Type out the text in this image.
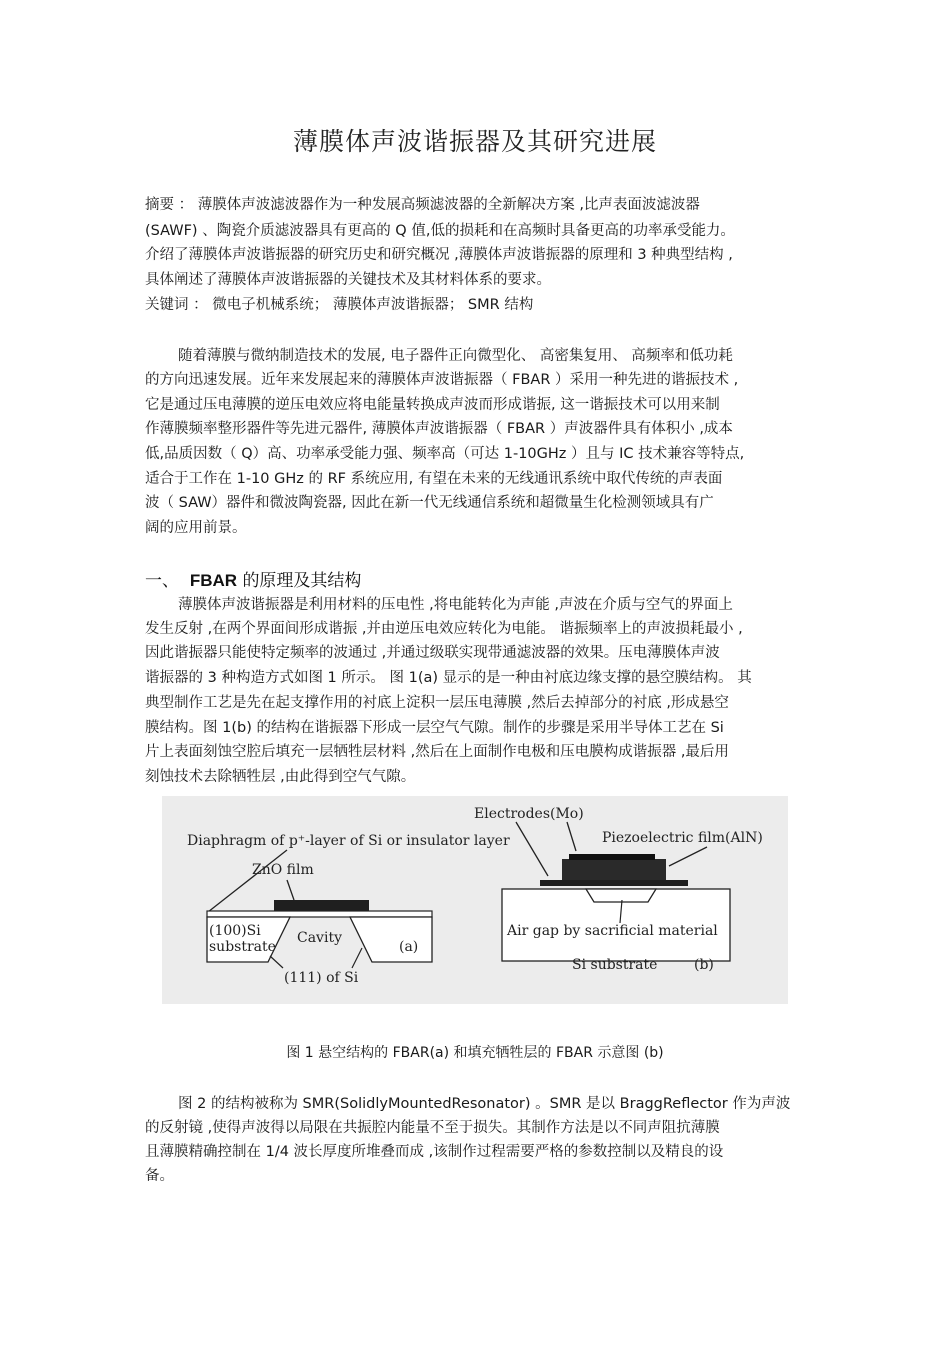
薄膜体声波谐振器及其研究进展
摘要 ： 薄膜体声波滤波器作为一种发展高频滤波器的全新解决方案 ,比声表面波滤波器
(SAWF) 、陶瓷介质滤波器具有更高的 Q 值,低的损耗和在高频时具备更高的功率承受能力。
介绍了薄膜体声波谐振器的研究历史和研究概况 ,薄膜体声波谐振器的原理和 3 种典型结构 ,
具体阐述了薄膜体声波谐振器的关键技术及其材料体系的要求。
关键词 ： 微电子机械系统； 薄膜体声波谐振器； SMR 结构
随着薄膜与微纳制造技术的发展, 电子器件正向微型化、 高密集复用、 高频率和低功耗
的方向迅速发展。近年来发展起来的薄膜体声波谐振器（ FBAR ）采用一种先进的谐振技术 ,
它是通过压电薄膜的逆压电效应将电能量转换成声波而形成谐振, 这一谐振技术可以用来制
作薄膜频率整形器件等先进元器件, 薄膜体声波谐振器（ FBAR ）声波器件具有体积小 ,成本
低,品质因数（ Q）高、功率承受能力强、频率高（可达 1-10GHz ）且与 IC 技术兼容等特点,
适合于工作在 1-10 GHz 的 RF 系统应用, 有望在未来的无线通讯系统中取代传统的声表面
波（ SAW）器件和微波陶瓷器, 因此在新一代无线通信系统和超微量生化检测领域具有广
阔的应用前景。
一、 FBAR 的原理及其结构
薄膜体声波谐振器是利用材料的压电性 ,将电能转化为声能 ,声波在介质与空气的界面上
发生反射 ,在两个界面间形成谐振 ,并由逆压电效应转化为电能。 谐振频率上的声波损耗最小 ,
因此谐振器只能使特定频率的波通过 ,并通过级联实现带通滤波器的效果。压电薄膜体声波
谐振器的 3 种构造方式如图 1 所示。 图 1(a) 显示的是一种由衬底边缘支撑的悬空膜结构。 其
典型制作工艺是先在起支撑作用的衬底上淀积一层压电薄膜 ,然后去掉部分的衬底 ,形成悬空
膜结构。图 1(b) 的结构在谐振器下形成一层空气气隙。制作的步骤是采用半导体工艺在 Si
片上表面刻蚀空腔后填充一层牺牲层材料 ,然后在上面制作电极和压电膜构成谐振器 ,最后用
刻蚀技术去除牺牲层 ,由此得到空气气隙。
Diaphragm of p⁺-layer of Si or insulator layer
ZnO film
(100)Si
substrate
Cavity
(a)
(111) of Si
Electrodes(Mo)
Piezoelectric film(AlN)
Air gap by sacrificial material
Si substrate	(b)
图 1 悬空结构的 FBAR(a) 和填充牺牲层的 FBAR 示意图 (b)
图 2 的结构被称为 SMR(SolidlyMountedResonator) 。SMR 是以 BraggReflector 作为声波
的反射镜 ,使得声波得以局限在共振腔内能量不至于损失。其制作方法是以不同声阻抗薄膜
且薄膜精确控制在 1/4 波长厚度所堆叠而成 ,该制作过程需要严格的参数控制以及精良的设
备。
